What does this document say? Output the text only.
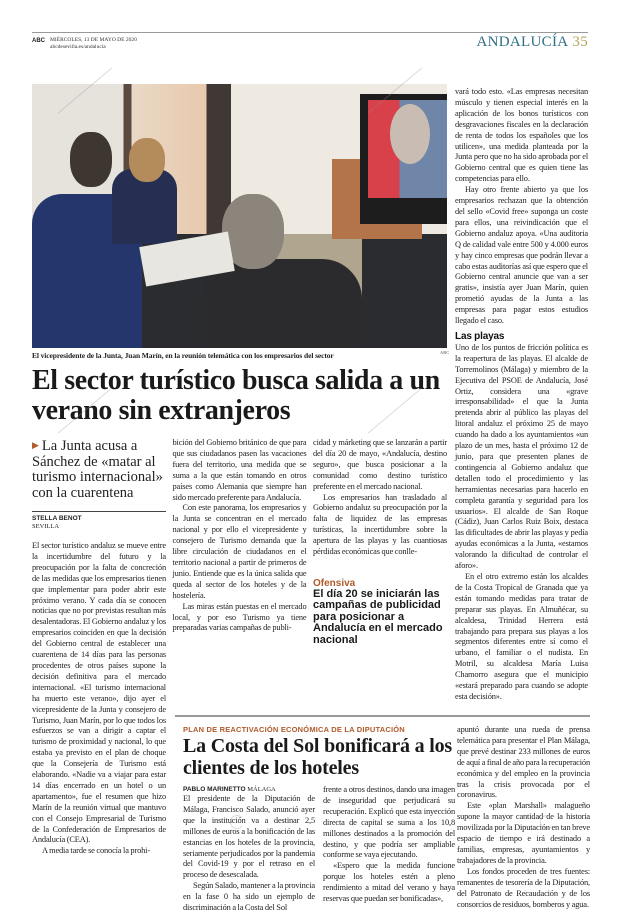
ABC MIÉRCOLES, 13 DE MAYO DE 2020
abcdesevilla.es/andalucia	ANDALUCÍA 35
El vicepresidente de la Junta, Juan Marín, en la reunión telemática con los empresarios del sector	ABC
El sector turístico busca salida a un verano sin extranjeros
▶ La Junta acusa a Sánchez de «matar al turismo internacional» con la cuarentena
STELLA BENOT
SEVILLA

El sector turístico andaluz se mueve entre la incertidumbre del futuro y la preocupación por la falta de concreción de las medidas que los empresarios tienen que implementar para poder abrir este próximo verano. Y cada día se conocen noticias que no por previstas resultan más desalentadoras. El Gobierno andaluz y los empresarios coinciden en que la decisión del Gobierno central de establecer una cuarentena de 14 días para las personas procedentes de otros países supone la decisión definitiva para el mercado internacional. «El turismo internacional ha muerto este verano», dijo ayer el vicepresidente de la Junta y consejero de Turismo, Juan Marín, por lo que todos los esfuerzos se van a dirigir a captar el turismo de proximidad y nacional, lo que estaba ya previsto en el plan de choque que la Consejería de Turismo está elaborando. «Nadie va a viajar para estar 14 días encerrado en un hotel o un apartamento», fue el resumen que hizo Marín de la reunión virtual que mantuvo con el Consejo Empresarial de Turismo de la Confederación de Empresarios de Andalucía (CEA).

A media tarde se conocía la prohi-

bición del Gobierno británico de que para que sus ciudadanos pasen las vacaciones fuera del territorio, una medida que se suma a la que están tomando en otros países como Alemania que siempre han sido mercado preferente para Andalucía.

Con este panorama, los empresarios y la Junta se concentran en el mercado nacional y por ello el vicepresidente y consejero de Turismo demanda que la libre circulación de ciudadanos en el territorio nacional a partir de primeros de junio. Entiende que es la única salida que queda al sector de los hoteles y de la hostelería.

Las miras están puestas en el mercado local, y por eso Turismo ya tiene preparadas varias campañas de publi-

cidad y márketing que se lanzarán a partir del día 20 de mayo, «Andalucía, destino seguro», que busca posicionar a la comunidad como destino turístico preferente en el mercado nacional.

Los empresarios han trasladado al Gobierno andaluz su preocupación por la falta de liquidez de las empresas turísticas, la incertidumbre sobre la apertura de las playas y las cuantiosas pérdidas económicas que conlle-

Ofensiva
El día 20 se iniciarán las campañas de publicidad para posicionar a Andalucía en el mercado nacional

vará todo esto. «Las empresas necesitan músculo y tienen especial interés en la aplicación de los bonos turísticos con desgravaciones fiscales en la declaración de renta de todos los españoles que los utilicen», una medida planteada por la Junta pero que no ha sido aprobada por el Gobierno central que es quien tiene las competencias para ello.

Hay otro frente abierto ya que los empresarios rechazan que la obtención del sello «Covid free» suponga un coste para ellos, una reivindicación que el Gobierno andaluz apoya. «Una auditoria Q de calidad vale entre 500 y 4.000 euros y hay cinco empresas que podrán llevar a cabo estas auditorías así que espero que el Gobierno central anuncie que van a ser gratis», insistía ayer Juan Marín, quien prometió ayudas de la Junta a las empresas para pagar estos estudios llegado el caso.

Las playas

Uno de los puntos de fricción política es la reapertura de las playas. El alcalde de Torremolinos (Málaga) y miembro de la Ejecutiva del PSOE de Andalucía, José Ortiz, considera una «grave irresponsabilidad» el que la Junta pretenda abrir al público las playas del litoral andaluz el próximo 25 de mayo cuando ha dado a los ayuntamientos «un plazo de un mes, hasta el próximo 12 de junio, para que presenten planes de contingencia al Gobierno andaluz que detallen todo el procedimiento y las herramientas necesarias para hacerlo en completa garantía y seguridad para los usuarios». El alcalde de San Roque (Cádiz), Juan Carlos Ruiz Boix, destaca las dificultades de abrir las playas y pedía ayudas económicas a la Junta, «estamos valorando la dificultad de controlar el aforo».

En el otro extremo están los alcaldes de la Costa Tropical de Granada que ya están tomando medidas para tratar de preparar sus playas. En Almuñécar, su alcaldesa, Trinidad Herrera está trabajando para prepara sus playas a los segmentos diferentes entre sí como el urbano, el familiar o el nudista. En Motril, su alcaldesa María Luisa Chamorro asegura que el municipio «estará preparado para cuando se adopte esta decisión».

PLAN DE REACTIVACIÓN ECONÓMICA DE LA DIPUTACIÓN
La Costa del Sol bonificará a los clientes de los hoteles
PABLO MARINETTO MÁLAGA

El presidente de la Diputación de Málaga, Francisco Salado, anunció ayer que la institución va a destinar 2,5 millones de euros a la bonificación de las estancias en los hoteles de la provincia, seriamente perjudicados por la pandemia del Covid-19 y por el retraso en el proceso de desescalada.

Según Salado, mantener a la provincia en la fase 0 ha sido un ejemplo de discriminación a la Costa del Sol

frente a otros destinos, dando una imagen de inseguridad que perjudicará su recuperación. Explicó que esta inyección directa de capital se suma a los 10,8 millones destinados a la promoción del destino, y que podría ser ampliable conforme se vaya ejecutando.

«Espero que la medida funcione porque los hoteles estén a pleno rendimiento a mitad del verano y haya reservas que puedan ser bonificadas»,

apuntó durante una rueda de prensa telemática para presentar el Plan Málaga, que prevé destinar 233 millones de euros de aquí a final de año para la recuperación económica y del empleo en la provincia tras la crisis provocada por el coronavirus.

Este «plan Marshall» malagueño supone la mayor cantidad de la historia movilizada por la Diputación en tan breve espacio de tiempo e irá destinado a familias, empresas, ayuntamientos y trabajadores de la provincia.

Los fondos proceden de tres fuentes: remanentes de tesorería de la Diputación, del Patronato de Recaudación y de los consorcios de residuos, bomberos y agua.
